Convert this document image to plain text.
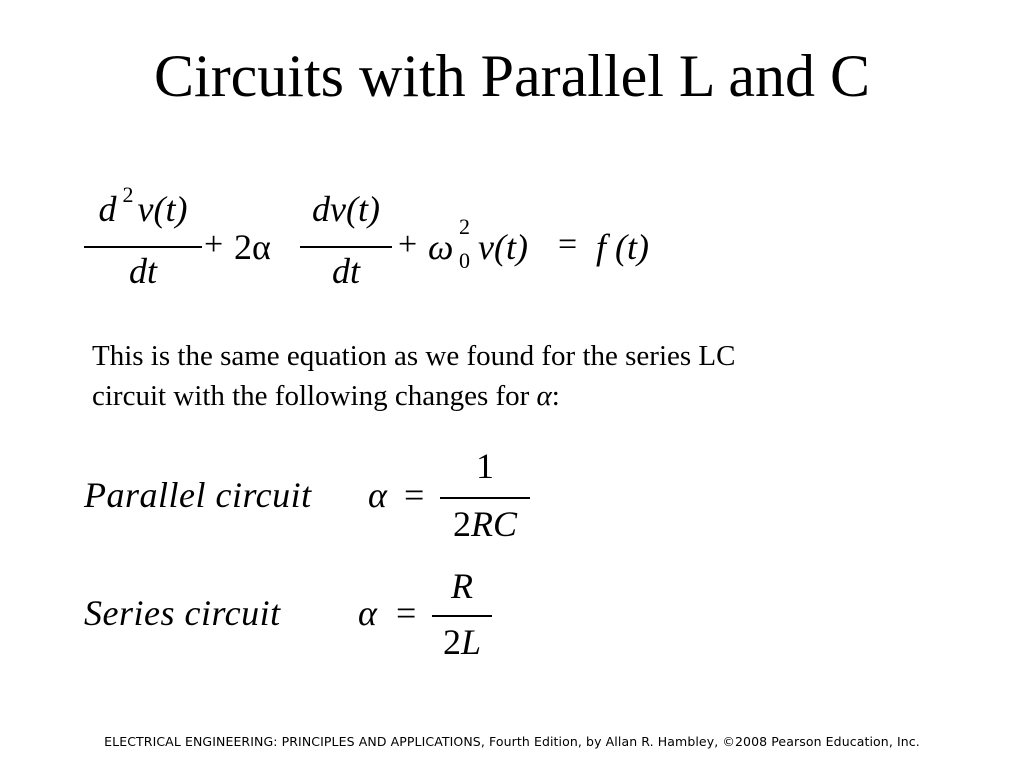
Circuits with Parallel L and C
d $^2$ v(t)
dt
+ 2α
dv(t)
dt
+ ω
2
0 v(t) = f (t)
This is the same equation as we found for the series LC
circuit with the following changes for α:
Parallel circuit α =
1
2RC
Series circuit α =
R
2L
ELECTRICAL ENGINEERING: PRINCIPLES AND APPLICATIONS, Fourth Edition, by Allan R. Hambley, ©2008 Pearson Education, Inc.
